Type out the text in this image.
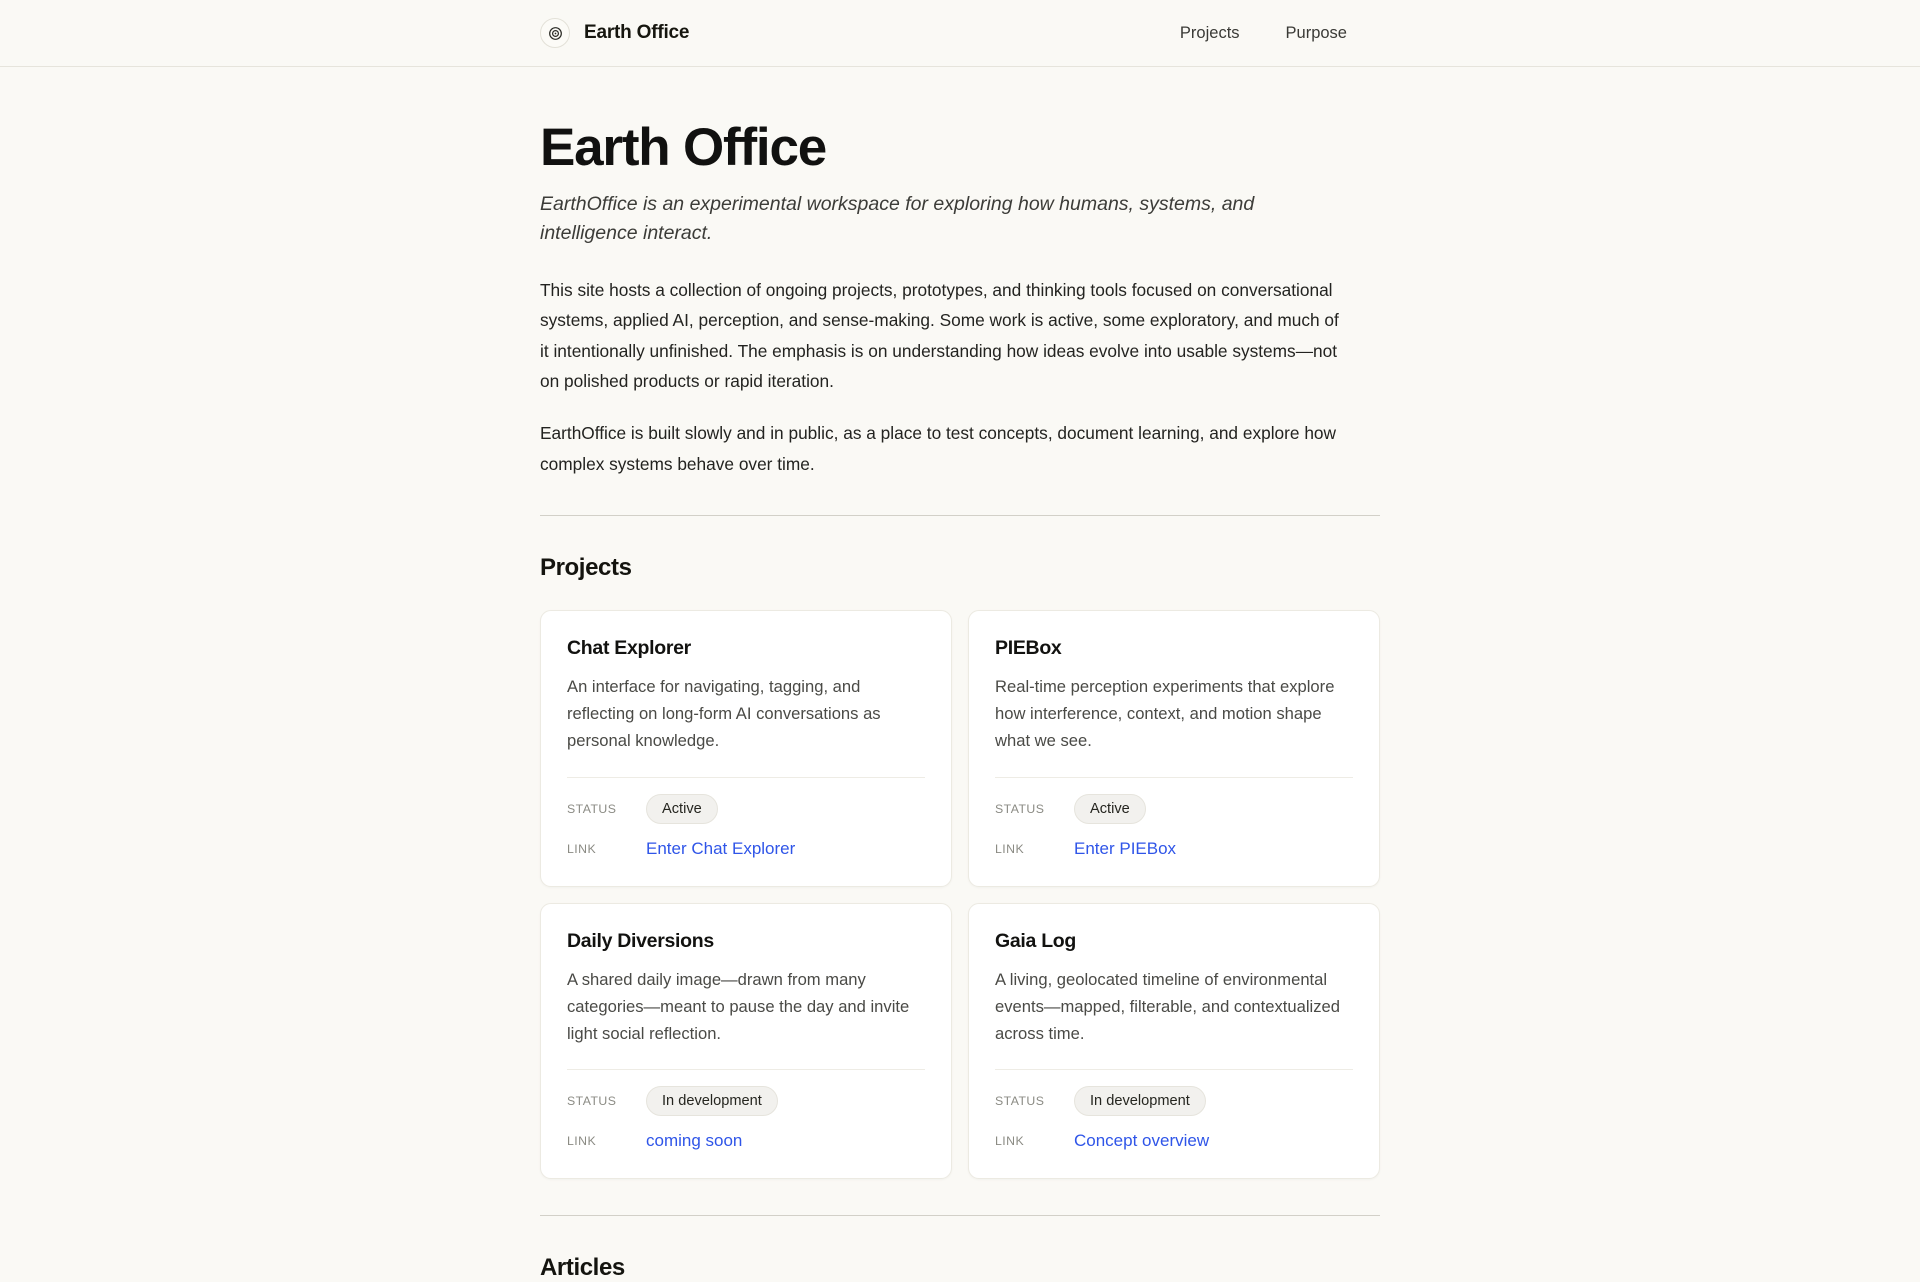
Earth Office	Projects	Purpose
Earth Office

EarthOffice is an experimental workspace for exploring how humans, systems, and intelligence interact.

This site hosts a collection of ongoing projects, prototypes, and thinking tools focused on conversational systems, applied AI, perception, and sense-making. Some work is active, some exploratory, and much of it intentionally unfinished. The emphasis is on understanding how ideas evolve into usable systems—not on polished products or rapid iteration.

EarthOffice is built slowly and in public, as a place to test concepts, document learning, and explore how complex systems behave over time.

Projects
Chat Explorer
An interface for navigating, tagging, and reflecting on long-form AI conversations as personal knowledge.
STATUS	Active
LINK	Enter Chat Explorer
PIEBox
Real-time perception experiments that explore how interference, context, and motion shape what we see.
STATUS	Active
LINK	Enter PIEBox
Daily Diversions
A shared daily image—drawn from many categories—meant to pause the day and invite light social reflection.
STATUS	In development
LINK	coming soon
Gaia Log
A living, geolocated timeline of environmental events—mapped, filterable, and contextualized across time.
STATUS	In development
LINK	Concept overview
Articles
